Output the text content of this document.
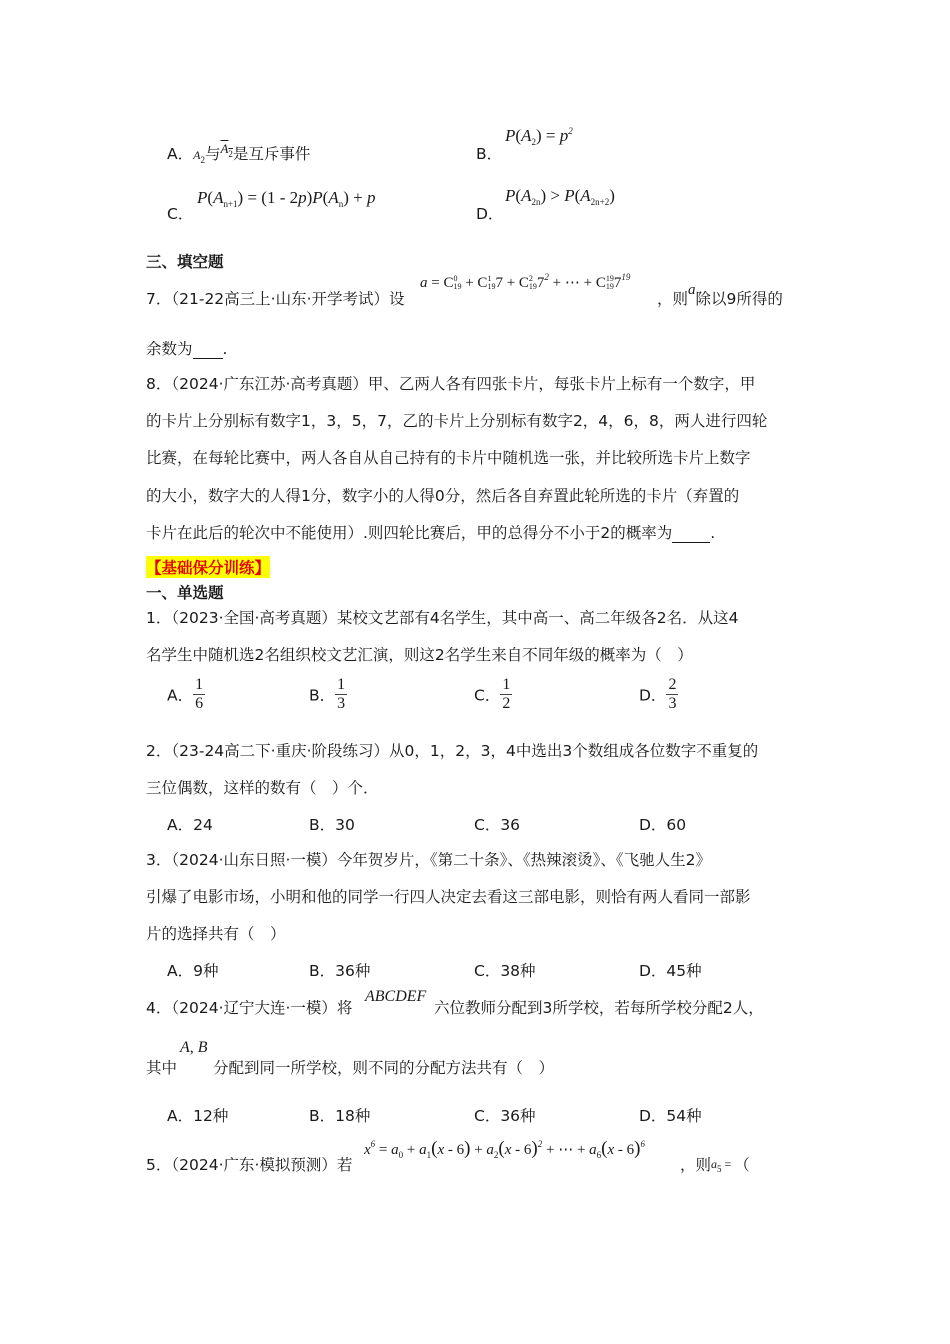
A．$A_2$与$^{A_2}$是互斥事件	B．
$P(A_2) = p^2$
C．
$P(A_{n+1}) = (1 - 2p)P(A_n) + p$
D．
$P(A_{2n}) > P(A_{2n+2})$
三、填空题
7．（21-22高三上·山东·开学考试）设
a = C0
19 + C1
197 + C2
$197^2$ + ⋯ + C19
$197^{19}$
，则a除以9所得的
余数为 .
8．（2024·广东江苏·高考真题）甲、乙两人各有四张卡片，每张卡片上标有一个数字，甲
的卡片上分别标有数字1，3，5，7，乙的卡片上分别标有数字2，4，6，8，两人进行四轮
比赛，在每轮比赛中，两人各自从自己持有的卡片中随机选一张，并比较所选卡片上数字
的大小，数字大的人得1分，数字小的人得0分，然后各自弃置此轮所选的卡片（弃置的
卡片在此后的轮次中不能使用）.则四轮比赛后，甲的总得分不小于2的概率为 .
【基础保分训练】
一、单选题
1．（2023·全国·高考真题）某校文艺部有4名学生，其中高一、高二年级各2名．从这4
名学生中随机选2名组织校文艺汇演，则这2名学生来自不同年级的概率为（　）
A． $\frac{1}{6}$	B． $\frac{1}{3}$	C． $\frac{1}{2}$	D． $\frac{2}{3}$
2．（23-24高二下·重庆·阶段练习）从0，1，2，3，4中选出3个数组成各位数字不重复的
三位偶数，这样的数有（　）个．
A．24	B．30	C．36	D．60
3．（2024·山东日照·一模）今年贺岁片，《第二十条》、《热辣滚烫》、《飞驰人生2》
引爆了电影市场，小明和他的同学一行四人决定去看这三部电影，则恰有两人看同一部影
片的选择共有（　）
A．9种	B．36种	C．38种	D．45种
4．（2024·辽宁大连·一模）将
ABCDEF
六位教师分配到3所学校，若每所学校分配2人，
其中
A, B
分配到同一所学校，则不同的分配方法共有（　）
A．12种	B．18种	C．36种	D．54种
5．（2024·广东·模拟预测）若
$x^6 = a_0 + a_1(x - 6) + a_2(x - 6)^2$ + ⋯ + $a_6(x - 6)^6$
，则$a_5$ = （
